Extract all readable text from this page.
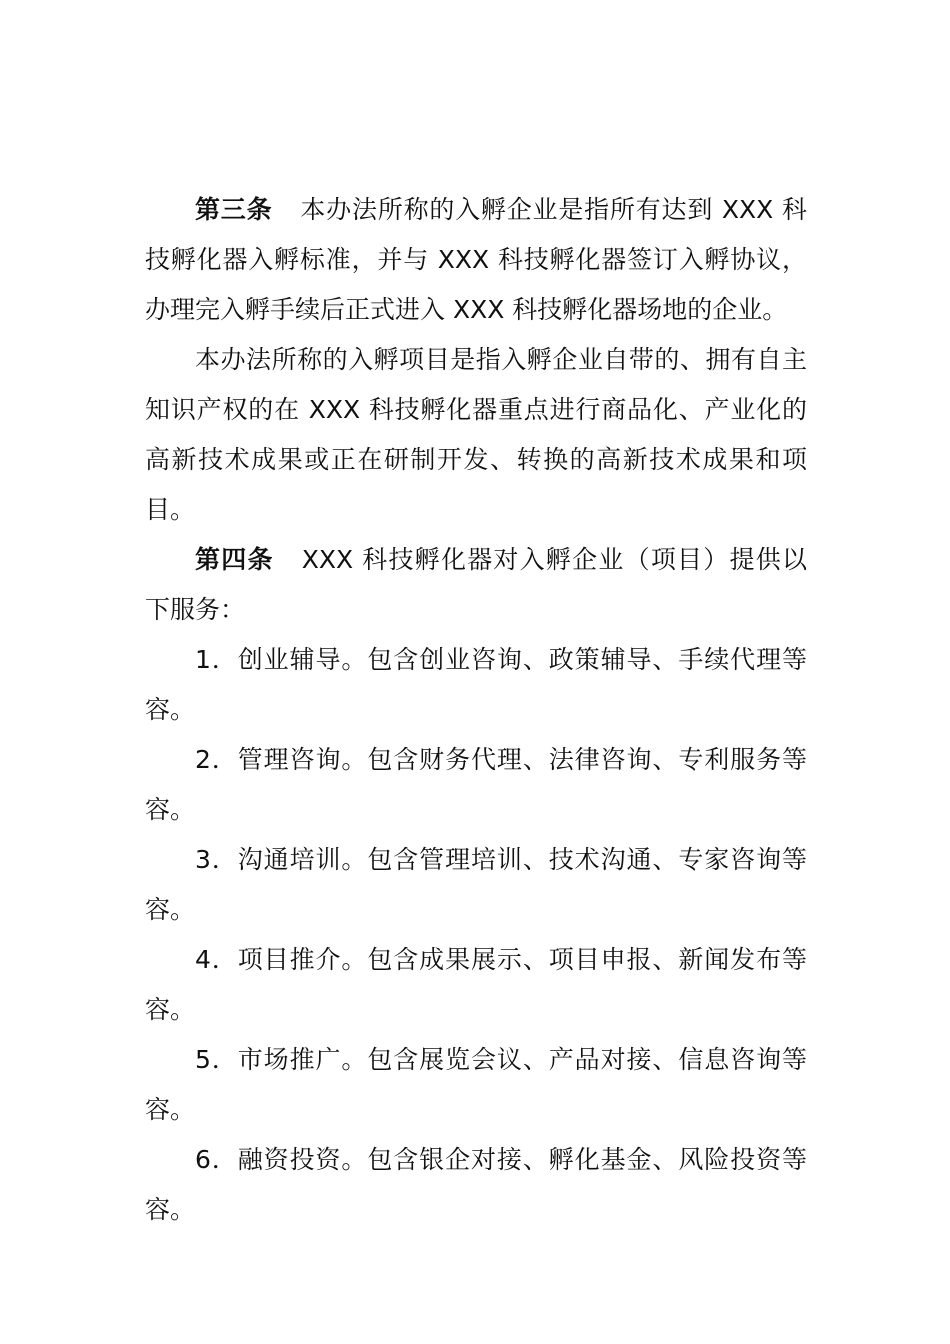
第三条 本办法所称的入孵企业是指所有达到 XXX 科技孵化器入孵标准，并与 XXX 科技孵化器签订入孵协议，办理完入孵手续后正式进入 XXX 科技孵化器场地的企业。

本办法所称的入孵项目是指入孵企业自带的、拥有自主知识产权的在 XXX 科技孵化器重点进行商品化、产业化的高新技术成果或正在研制开发、转换的高新技术成果和项目。

第四条 XXX 科技孵化器对入孵企业（项目）提供以下服务：

1．创业辅导。包含创业咨询、政策辅导、手续代理等容。

2．管理咨询。包含财务代理、法律咨询、专利服务等容。

3．沟通培训。包含管理培训、技术沟通、专家咨询等容。

4．项目推介。包含成果展示、项目申报、新闻发布等容。

5．市场推广。包含展览会议、产品对接、信息咨询等容。

6．融资投资。包含银企对接、孵化基金、风险投资等容。
